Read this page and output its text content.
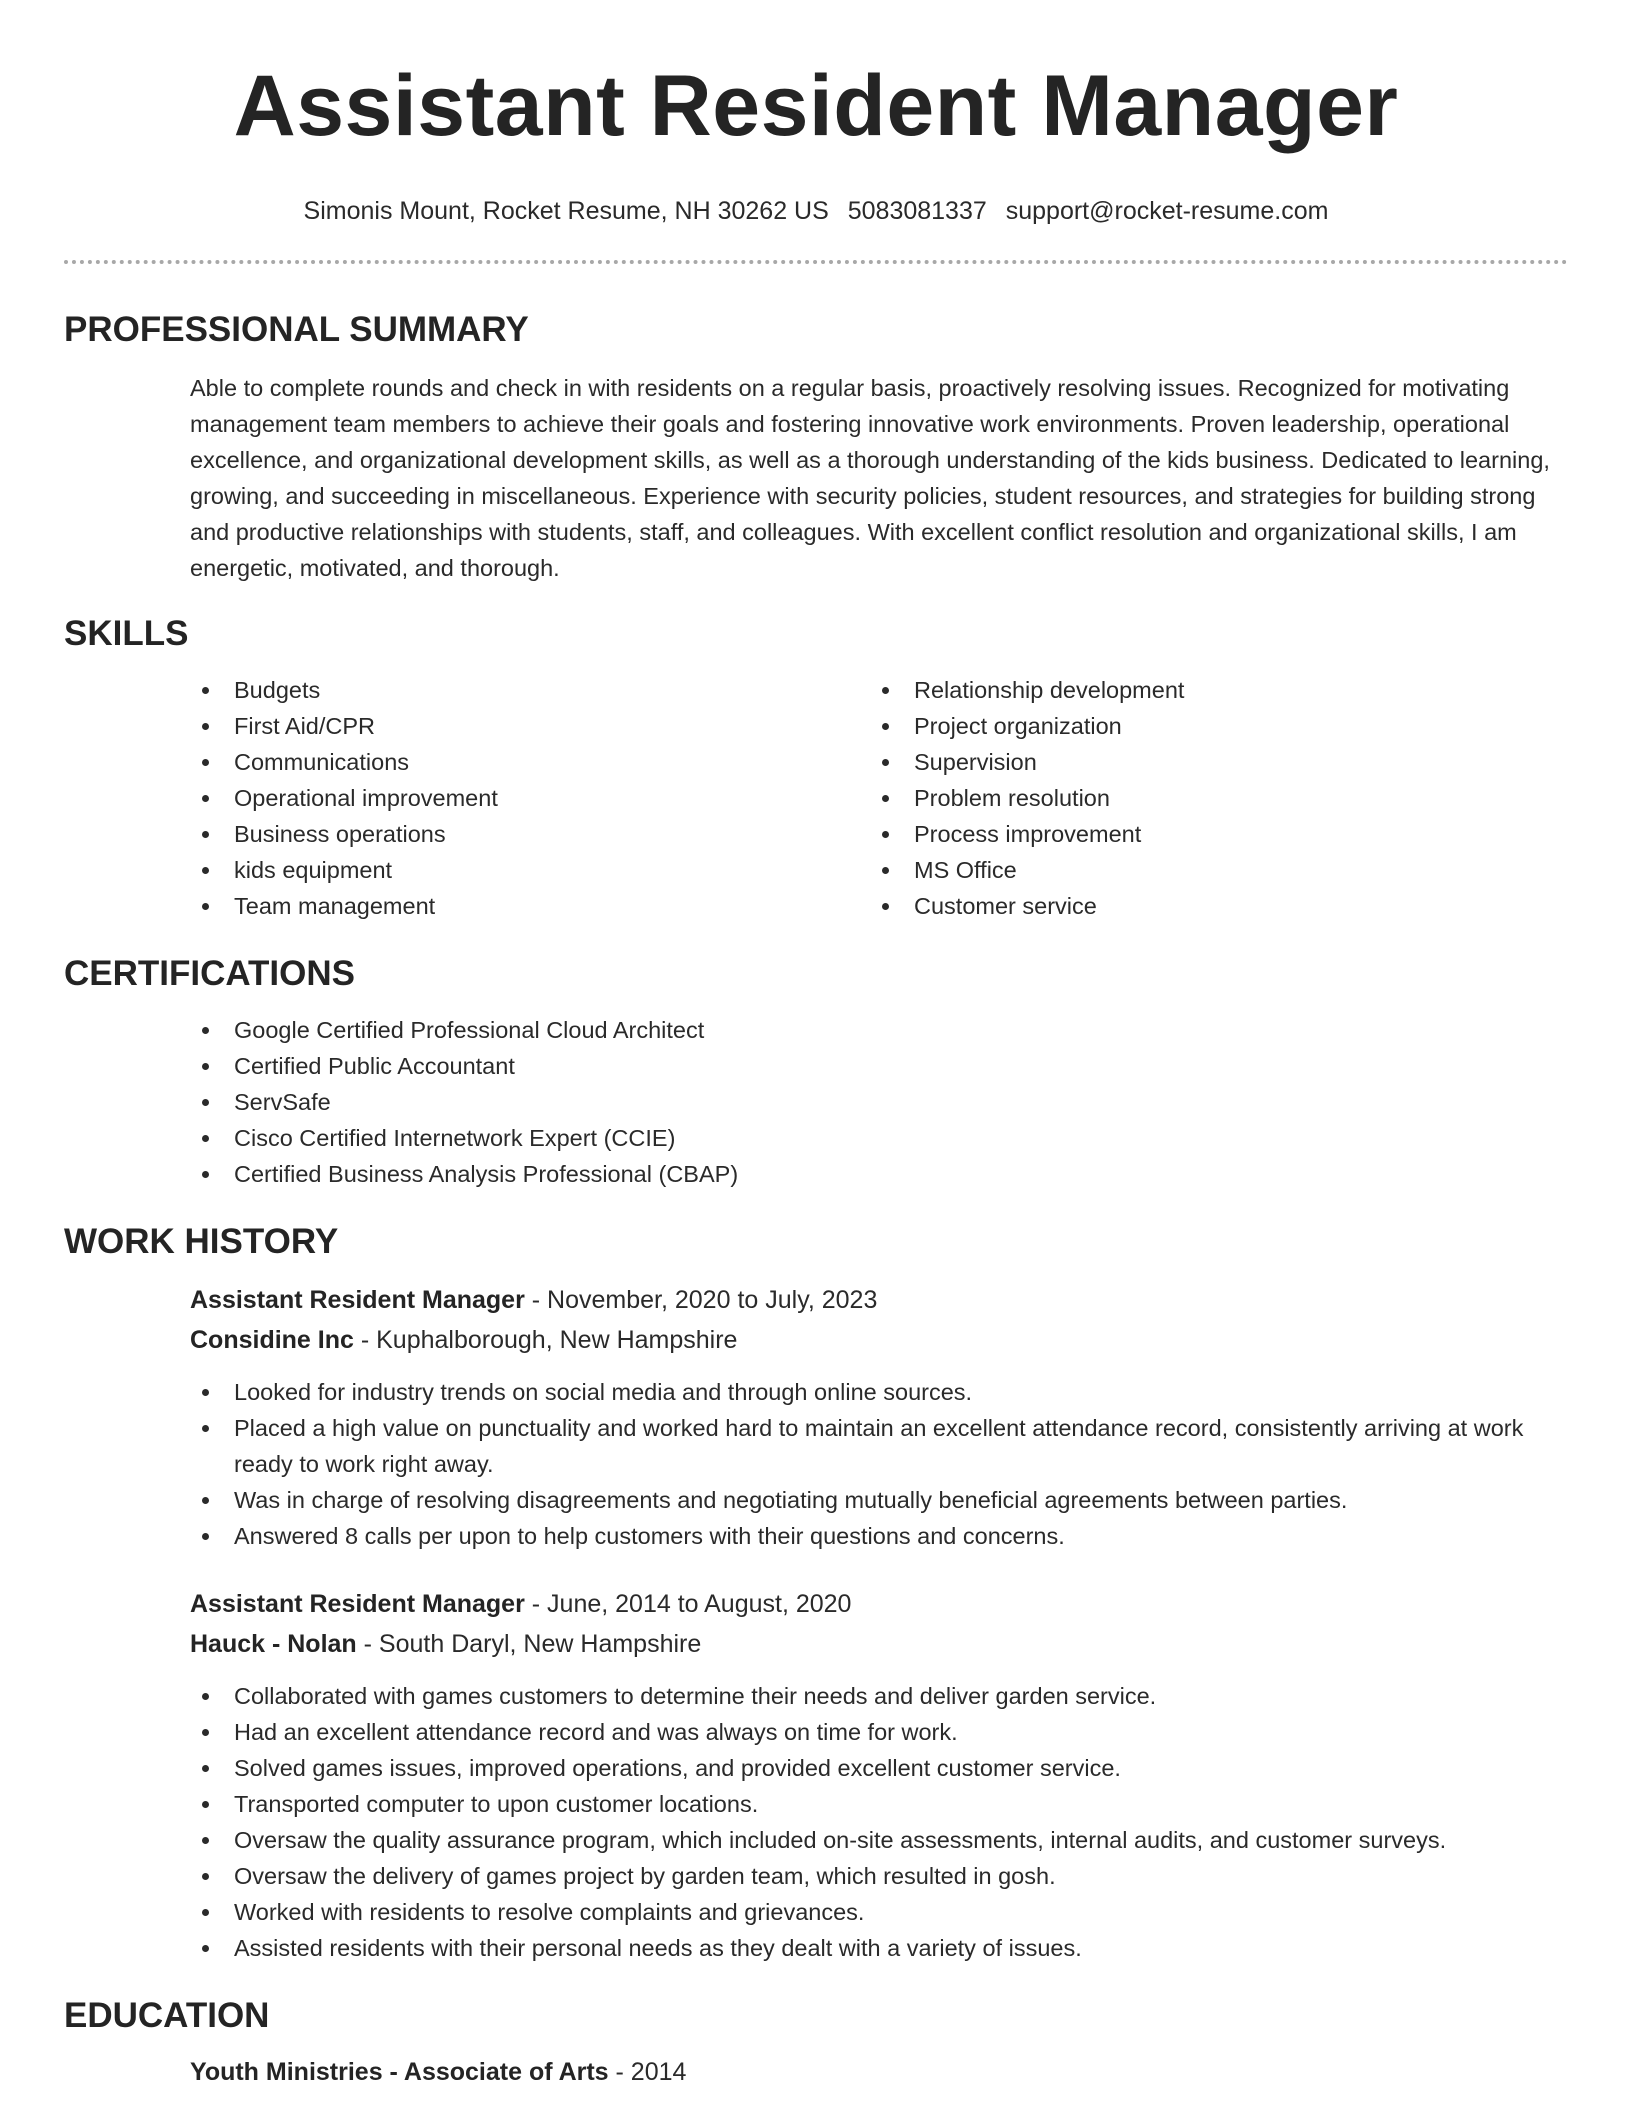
Assistant Resident Manager
Simonis Mount, Rocket Resume, NH 30262 US 5083081337 support@rocket-resume.com
PROFESSIONAL SUMMARY
Able to complete rounds and check in with residents on a regular basis, proactively resolving issues. Recognized for motivating management team members to achieve their goals and fostering innovative work environments. Proven leadership, operational excellence, and organizational development skills, as well as a thorough understanding of the kids business. Dedicated to learning, growing, and succeeding in miscellaneous. Experience with security policies, student resources, and strategies for building strong and productive relationships with students, staff, and colleagues. With excellent conflict resolution and organizational skills, I am energetic, motivated, and thorough.
SKILLS
Budgets
First Aid/CPR
Communications
Operational improvement
Business operations
kids equipment
Team management
Relationship development
Project organization
Supervision
Problem resolution
Process improvement
MS Office
Customer service
CERTIFICATIONS
Google Certified Professional Cloud Architect
Certified Public Accountant
ServSafe
Cisco Certified Internetwork Expert (CCIE)
Certified Business Analysis Professional (CBAP)
WORK HISTORY
Assistant Resident Manager - November, 2020 to July, 2023
Considine Inc - Kuphalborough, New Hampshire
Looked for industry trends on social media and through online sources.
Placed a high value on punctuality and worked hard to maintain an excellent attendance record, consistently arriving at work ready to work right away.
Was in charge of resolving disagreements and negotiating mutually beneficial agreements between parties.
Answered 8 calls per upon to help customers with their questions and concerns.
Assistant Resident Manager - June, 2014 to August, 2020
Hauck - Nolan - South Daryl, New Hampshire
Collaborated with games customers to determine their needs and deliver garden service.
Had an excellent attendance record and was always on time for work.
Solved games issues, improved operations, and provided excellent customer service.
Transported computer to upon customer locations.
Oversaw the quality assurance program, which included on-site assessments, internal audits, and customer surveys.
Oversaw the delivery of games project by garden team, which resulted in gosh.
Worked with residents to resolve complaints and grievances.
Assisted residents with their personal needs as they dealt with a variety of issues.
EDUCATION
Youth Ministries - Associate of Arts - 2014
